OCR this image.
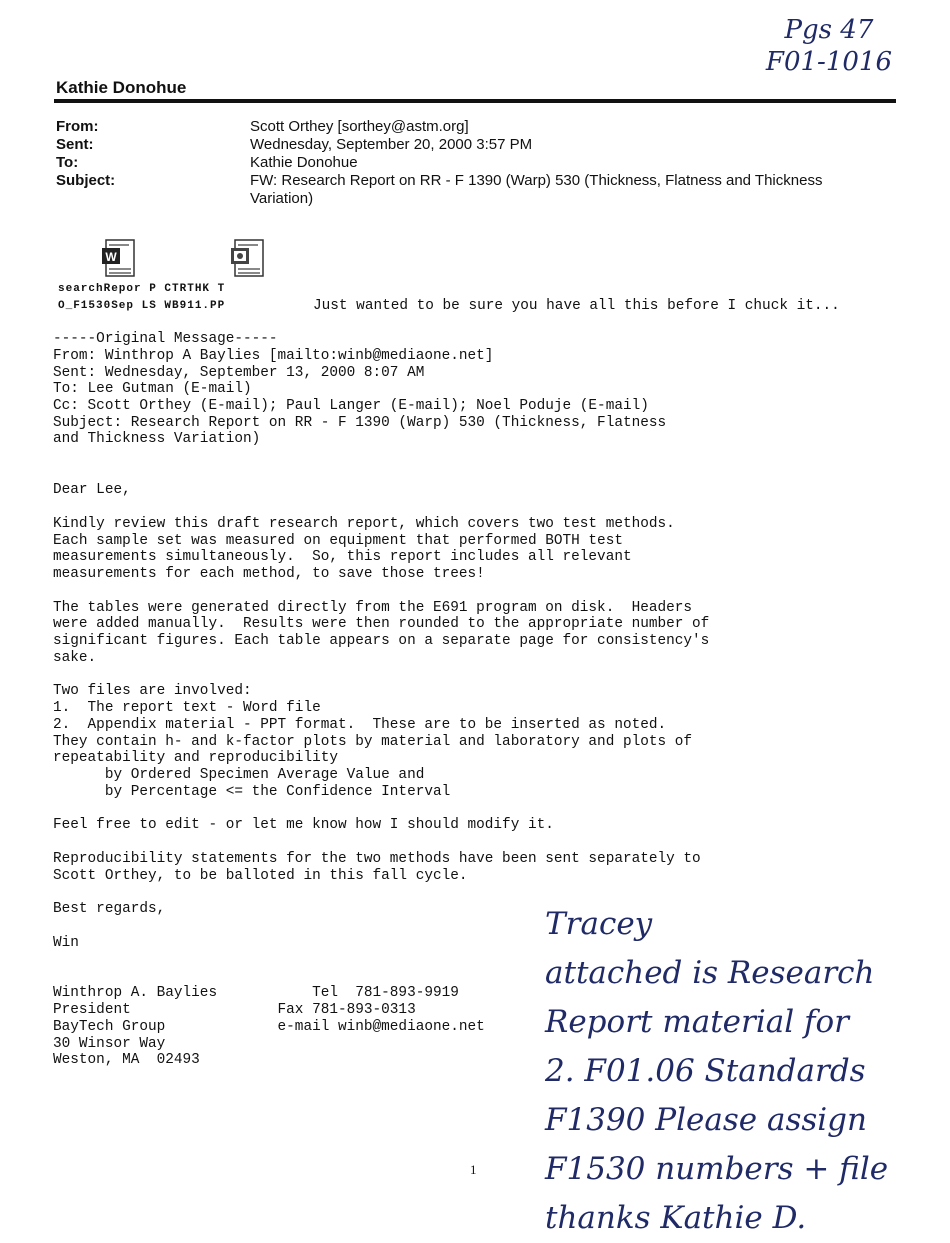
Kathie Donohue
Pgs 47
F01-1016
From:	Scott Orthey [sorthey@astm.org]
Sent:	Wednesday, September 20, 2000 3:57 PM
To:	Kathie Donohue
Subject:	FW: Research Report on RR - F 1390 (Warp) 530 (Thickness, Flatness and Thickness Variation)
W
searchRepor P CTRTHK T
O_F1530Sep LS WB911.PP	Just wanted to be sure you have all this before I chuck it...
-----Original Message-----
From: Winthrop A Baylies [mailto:winb@mediaone.net]
Sent: Wednesday, September 13, 2000 8:07 AM
To: Lee Gutman (E-mail)
Cc: Scott Orthey (E-mail); Paul Langer (E-mail); Noel Poduje (E-mail)
Subject: Research Report on RR - F 1390 (Warp) 530 (Thickness, Flatness
and Thickness Variation)
Dear Lee,
Kindly review this draft research report, which covers two test methods.
Each sample set was measured on equipment that performed BOTH test
measurements simultaneously.  So, this report includes all relevant
measurements for each method, to save those trees!
The tables were generated directly from the E691 program on disk.  Headers
were added manually.  Results were then rounded to the appropriate number of
significant figures. Each table appears on a separate page for consistency's
sake.
Two files are involved:
1.  The report text - Word file
2.  Appendix material - PPT format.  These are to be inserted as noted.
They contain h- and k-factor plots by material and laboratory and plots of
repeatability and reproducibility
by Ordered Specimen Average Value and
by Percentage <= the Confidence Interval
Feel free to edit - or let me know how I should modify it.
Reproducibility statements for the two methods have been sent separately to
Scott Orthey, to be balloted in this fall cycle.
Best regards,
Win
Winthrop A. Baylies           Tel  781-893-9919
President                 Fax 781-893-0313
BayTech Group             e-mail winb@mediaone.net
30 Winsor Way
Weston, MA  02493
1
Tracey
attached is Research
Report material for
2. F01.06 Standards
F1390 Please assign
F1530 numbers + file
thanks Kathie D.
